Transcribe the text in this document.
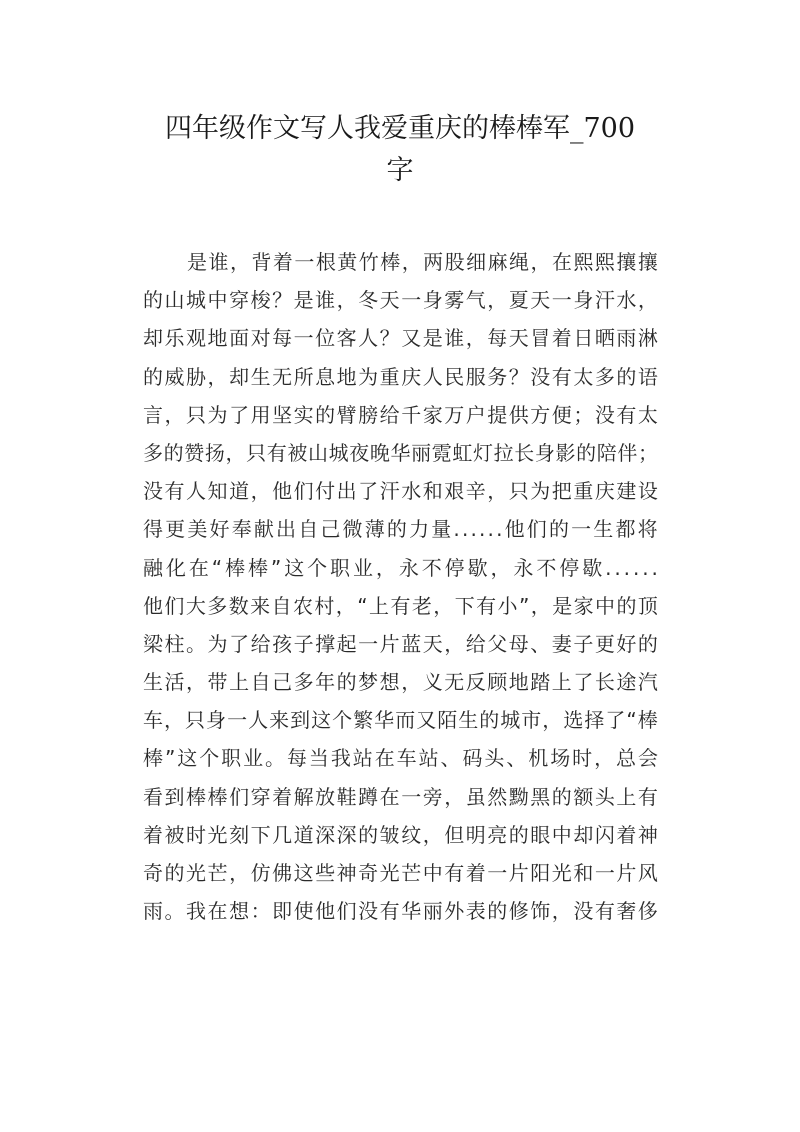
四年级作文写人我爱重庆的棒棒军_700
字
是 谁 ， 背 着 一 根 黄 竹 棒 ， 两 股 细 麻 绳 ， 在 熙 熙 攘 攘
的 山 城 中 穿 梭 ？ 是 谁 ， 冬 天 一 身 雾 气 ， 夏 天 一 身 汗 水 ，
却 乐 观 地 面 对 每 一 位 客 人 ？ 又 是 谁 ， 每 天 冒 着 日 晒 雨 淋
的 威 胁 ， 却 生 无 所 息 地 为 重 庆 人 民 服 务 ？ 没 有 太 多 的 语
言 ， 只 为 了 用 坚 实 的 臂 膀 给 千 家 万 户 提 供 方 便 ； 没 有 太
多 的 赞 扬 ， 只 有 被 山 城 夜 晚 华 丽 霓 虹 灯 拉 长 身 影 的 陪 伴 ；
没 有 人 知 道 ， 他 们 付 出 了 汗 水 和 艰 辛 ， 只 为 把 重 庆 建 设
得 更 美 好 奉 献 出 自 己 微 薄 的 力 量 . . . . . . 他 们 的 一 生 都 将
融 化 在 “ 棒 棒 ” 这 个 职 业 ， 永 不 停 歇 ， 永 不 停 歇 . . . . . .
他 们 大 多 数 来 自 农 村 ， “ 上 有 老 ， 下 有 小 ” ， 是 家 中 的 顶
梁 柱 。 为 了 给 孩 子 撑 起 一 片 蓝 天 ， 给 父 母 、 妻 子 更 好 的
生 活 ， 带 上 自 己 多 年 的 梦 想 ， 义 无 反 顾 地 踏 上 了 长 途 汽
车 ， 只 身 一 人 来 到 这 个 繁 华 而 又 陌 生 的 城 市 ， 选 择 了 “ 棒
棒 ” 这 个 职 业 。 每 当 我 站 在 车 站 、 码 头 、 机 场 时 ， 总 会
看 到 棒 棒 们 穿 着 解 放 鞋 蹲 在 一 旁 ， 虽 然 黝 黑 的 额 头 上 有
着 被 时 光 刻 下 几 道 深 深 的 皱 纹 ， 但 明 亮 的 眼 中 却 闪 着 神
奇 的 光 芒 ， 仿 佛 这 些 神 奇 光 芒 中 有 着 一 片 阳 光 和 一 片 风
雨 。 我 在 想 ： 即 使 他 们 没 有 华 丽 外 表 的 修 饰 ， 没 有 奢 侈
